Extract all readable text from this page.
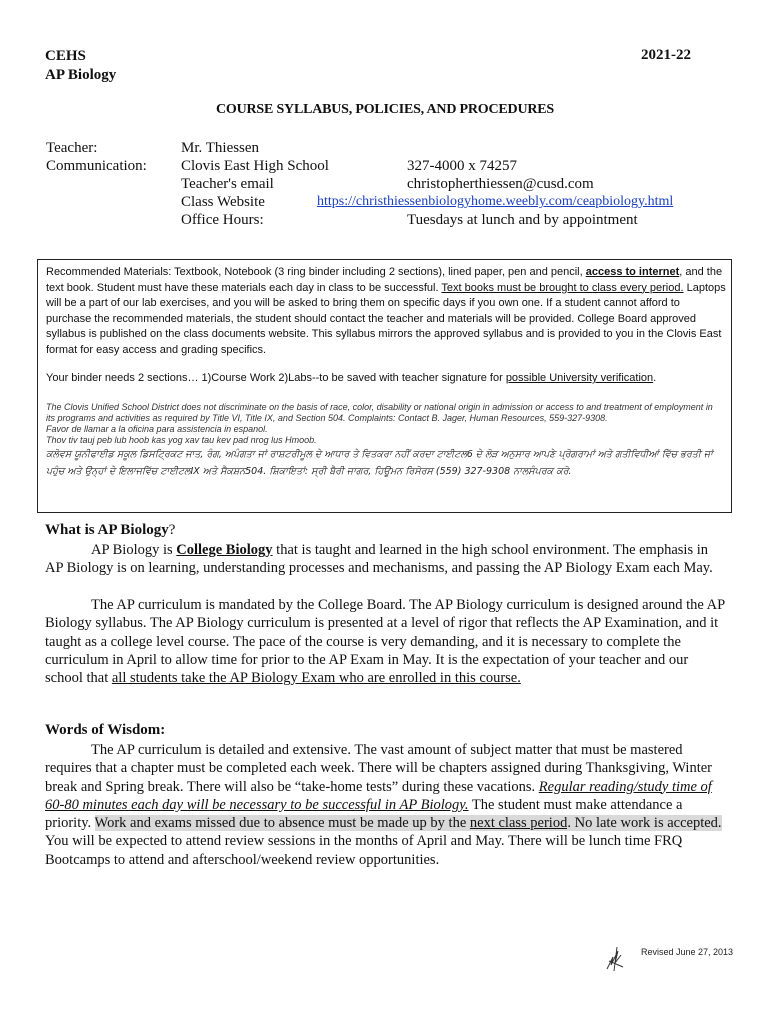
CEHS
AP Biology
2021-22
COURSE SYLLABUS, POLICIES, AND PROCEDURES
Teacher:	Mr. Thiessen
Communication: Clovis East High School	327-4000 x 74257
Teacher's email	christopherthiessen@cusd.com
Class Website	https://christhiessenbiologyhome.weebly.com/ceapbiology.html
Office Hours:	Tuesdays at lunch and by appointment
Recommended Materials: Textbook, Notebook (3 ring binder including 2 sections), lined paper, pen and pencil, access to internet, and the text book. Student must have these materials each day in class to be successful. Text books must be brought to class every period. Laptops will be a part of our lab exercises, and you will be asked to bring them on specific days if you own one. If a student cannot afford to purchase the recommended materials, the student should contact the teacher and materials will be provided. College Board approved syllabus is published on the class documents website. This syllabus mirrors the approved syllabus and is provided to you in the Clovis East format for easy access and grading specifics.
Your binder needs 2 sections… 1)Course Work 2)Labs--to be saved with teacher signature for possible University verification.
The Clovis Unified School District does not discriminate on the basis of race, color, disability or national origin in admission or access to and treatment of employment in its programs and activities as required by Title VI, Title IX, and Section 504. Complaints: Contact B. Jager, Human Resources, 559-327-9308.
Favor de llamar a la oficina para assistencia in espanol.
Thov tiv tauj peb lub hoob kas yog xav tau kev pad nrog lus Hmoob.
ਕਲੋਵਸ ਯੂਨੀਫਾਈਡ ਸਕੂਲ ਡਿਸਟ੍ਰਿਕਟ ਜਾਤ, ਰੰਗ, ਅਪੰਗਤਾ ਜਾਂ ਰਾਸ਼ਟਰੀਮੂਲ ਦੇ ਆਧਾਰ ਤੇ ਵਿਤਕਰਾ ਨਹੀਂ ਕਰਦਾ ਟਾਈਟਲ6 ਦੇ ਲੋੜ ਅਨੁਸਾਰ ਆਪਣੇ ਪ੍ਰੋਗਰਾਮਾਂ ਅਤੇ ਗਤੀਵਿਧੀਆਂ ਵਿੱਚ ਭਰਤੀ ਜਾਂ ਪਹੁੰਚ ਅਤੇ ਉਨ੍ਹਾਂ ਦੇ ਇਲਾਜਵਿੱਚ ਟਾਈਟਲIX ਅਤੇ ਸੈਕਸ਼ਨ504. ਸ਼ਿਕਾਇਤਾਂ: ਸ੍ਰੀ ਬੈਰੀ ਜਾਗਰ, ਹਿਊਮਨ ਰਿਸੋਰਸ (559) 327-9308 ਨਾਲਸੰਪਰਕ ਕਰੋ.
What is AP Biology?
AP Biology is College Biology that is taught and learned in the high school environment. The emphasis in AP Biology is on learning, understanding processes and mechanisms, and passing the AP Biology Exam each May.
The AP curriculum is mandated by the College Board. The AP Biology curriculum is designed around the AP Biology syllabus. The AP Biology curriculum is presented at a level of rigor that reflects the AP Examination, and it taught as a college level course. The pace of the course is very demanding, and it is necessary to complete the curriculum in April to allow time for prior to the AP Exam in May. It is the expectation of your teacher and our school that all students take the AP Biology Exam who are enrolled in this course.
Words of Wisdom:
The AP curriculum is detailed and extensive. The vast amount of subject matter that must be mastered requires that a chapter must be completed each week. There will be chapters assigned during Thanksgiving, Winter break and Spring break. There will also be “take-home tests” during these vacations. Regular reading/study time of 60-80 minutes each day will be necessary to be successful in AP Biology. The student must make attendance a priority. Work and exams missed due to absence must be made up by the next class period. No late work is accepted. You will be expected to attend review sessions in the months of April and May. There will be lunch time FRQ Bootcamps to attend and afterschool/weekend review opportunities.
Revised June 27, 2013
